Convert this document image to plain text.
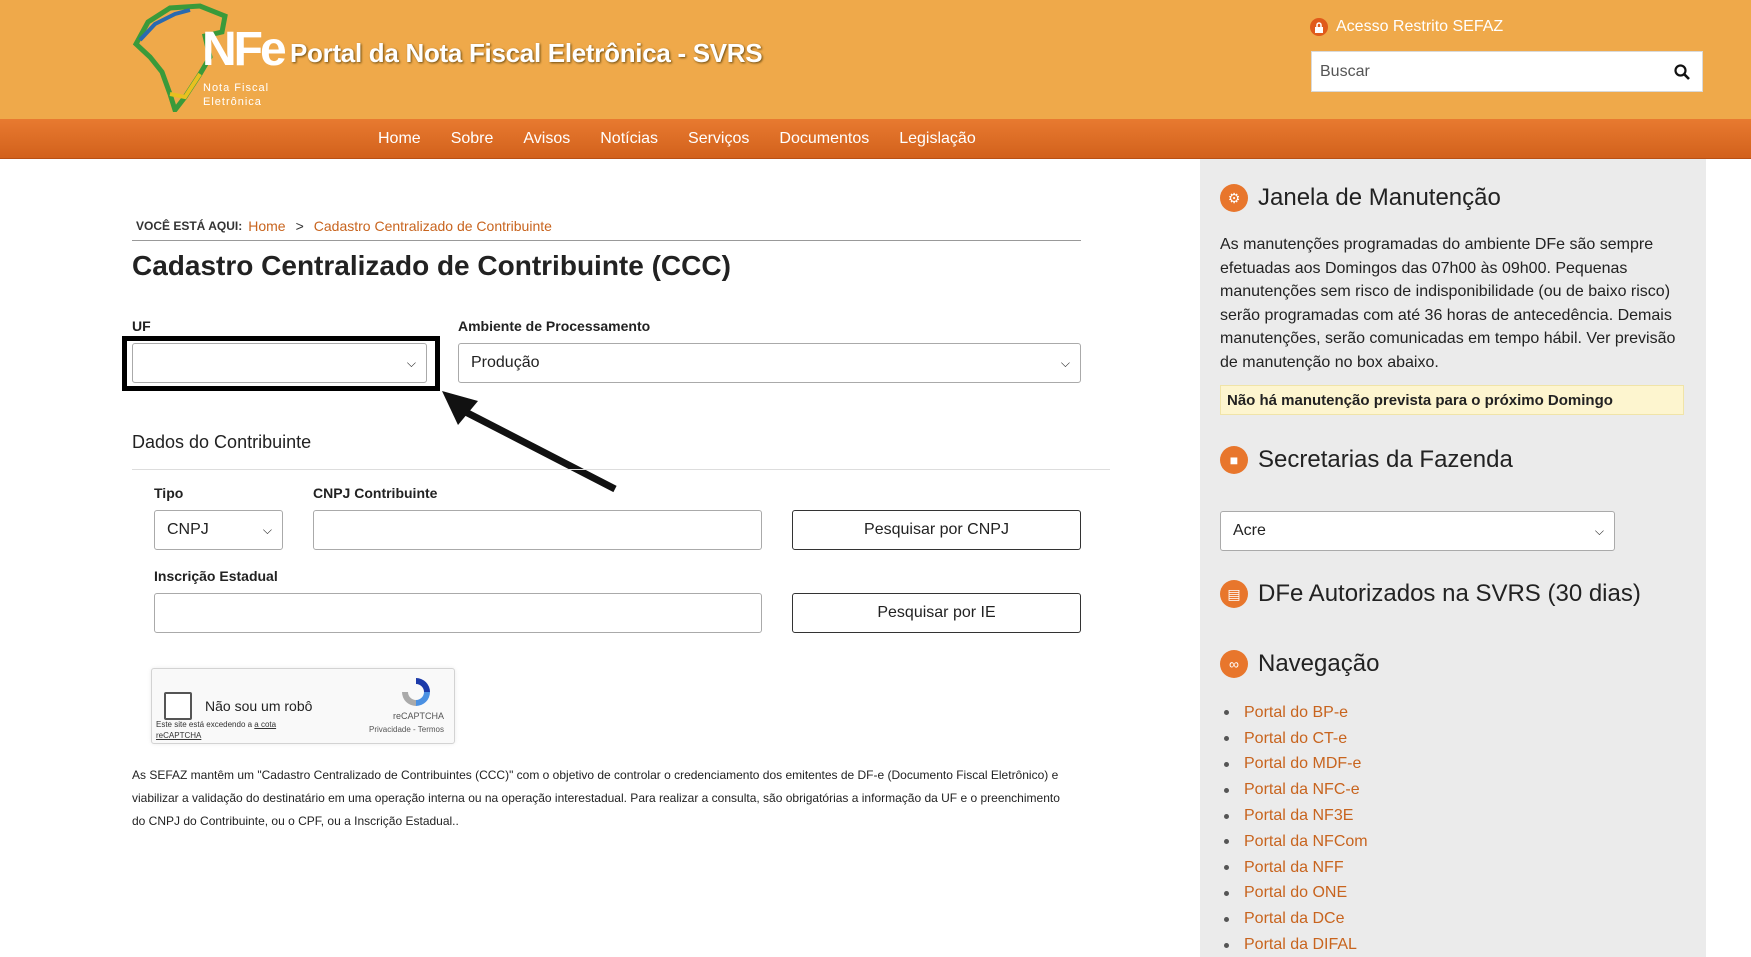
NFe
Nota Fiscal
Eletrônica
Portal da Nota Fiscal Eletrônica - SVRS
Acesso Restrito SEFAZ
Buscar
Home Sobre Avisos Notícias Serviços Documentos Legislação
VOCÊ ESTÁ AQUI: Home > Cadastro Centralizado de Contribuinte
Cadastro Centralizado de Contribuinte (CCC)
UF
⌵
Ambiente de Processamento
Produção	⌵
Dados do Contribuinte
Tipo
CNPJ	⌵
CNPJ Contribuinte
Pesquisar por CNPJ
Inscrição Estadual
Pesquisar por IE
Não sou um robô
Este site está excedendo a a cota reCAPTCHA
reCAPTCHA
Privacidade - Termos

As SEFAZ mantêm um "Cadastro Centralizado de Contribuintes (CCC)" com o objetivo de controlar o credenciamento dos emitentes de DF-e (Documento Fiscal Eletrônico) e viabilizar a validação do destinatário em uma operação interna ou na operação interestadual. Para realizar a consulta, são obrigatórias a informação da UF e o preenchimento do CNPJ do Contribuinte, ou o CPF, ou a Inscrição Estadual..

⚙ Janela de Manutenção

As manutenções programadas do ambiente DFe são sempre efetuadas aos Domingos das 07h00 às 09h00. Pequenas manutenções sem risco de indisponibilidade (ou de baixo risco) serão programadas com até 36 horas de antecedência. Demais manutenções, serão comunicadas em tempo hábil. Ver previsão de manutenção no box abaixo.

Não há manutenção prevista para o próximo Domingo
■ Secretarias da Fazenda
Acre	⌵
▤ DFe Autorizados na SVRS (30 dias)
∞ Navegação
Portal do BP-e
Portal do CT-e
Portal do MDF-e
Portal da NFC-e
Portal da NF3E
Portal da NFCom
Portal da NFF
Portal do ONE
Portal da DCe
Portal da DIFAL
